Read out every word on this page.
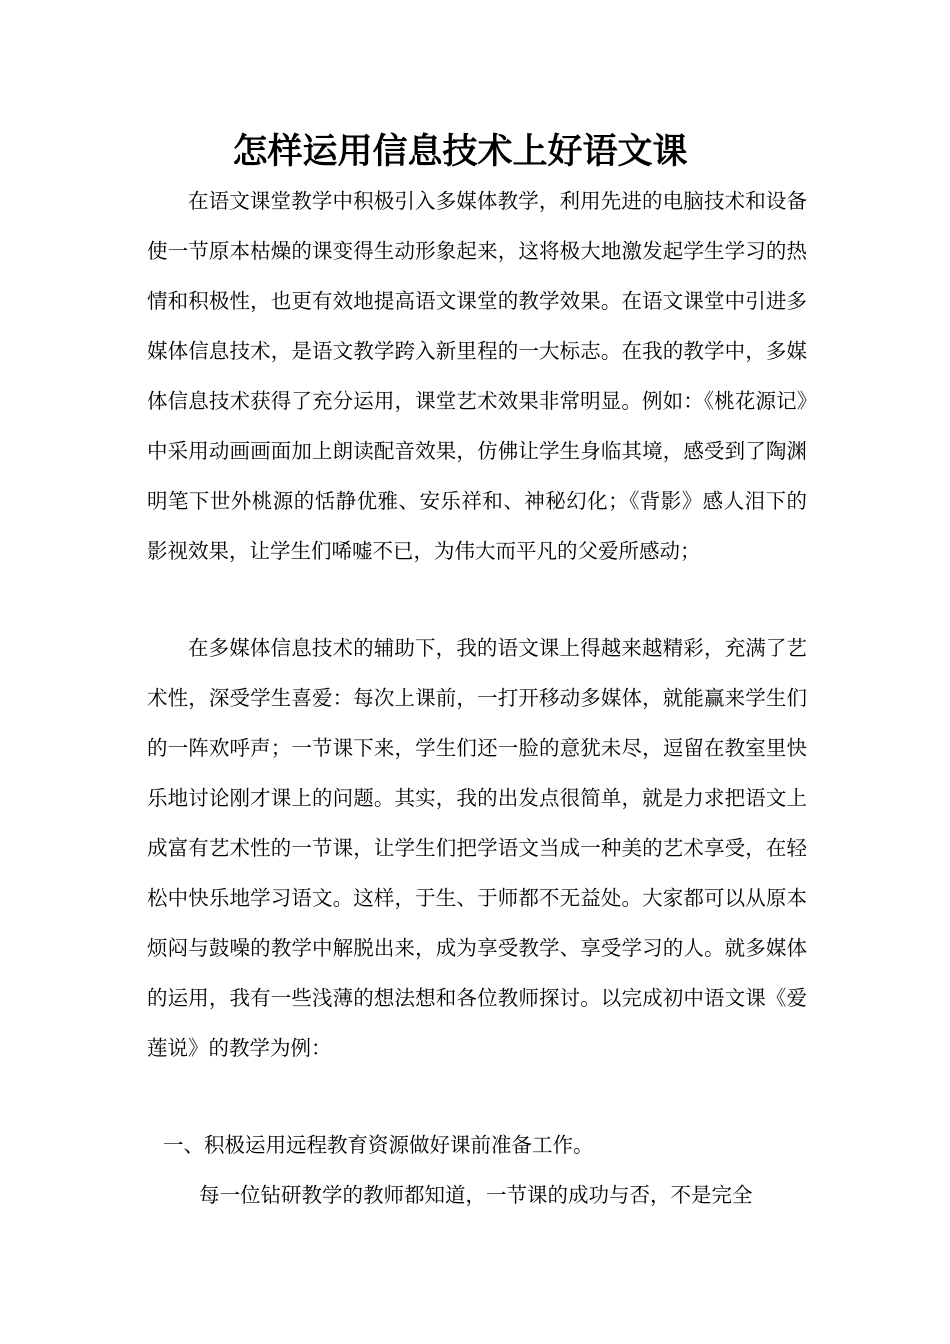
怎样运用信息技术上好语文课

在语文课堂教学中积极引入多媒体教学，利用先进的电脑技术和设备使一节原本枯燥的课变得生动形象起来，这将极大地激发起学生学习的热情和积极性，也更有效地提高语文课堂的教学效果。在语文课堂中引进多媒体信息技术，是语文教学跨入新里程的一大标志。在我的教学中，多媒体信息技术获得了充分运用，课堂艺术效果非常明显。例如：《桃花源记》中采用动画画面加上朗读配音效果，仿佛让学生身临其境，感受到了陶渊明笔下世外桃源的恬静优雅、安乐祥和、神秘幻化；《背影》感人泪下的影视效果，让学生们唏嘘不已，为伟大而平凡的父爱所感动；

在多媒体信息技术的辅助下，我的语文课上得越来越精彩，充满了艺术性，深受学生喜爱：每次上课前，一打开移动多媒体，就能赢来学生们的一阵欢呼声；一节课下来，学生们还一脸的意犹未尽，逗留在教室里快乐地讨论刚才课上的问题。其实，我的出发点很简单，就是力求把语文上成富有艺术性的一节课，让学生们把学语文当成一种美的艺术享受，在轻松中快乐地学习语文。这样，于生、于师都不无益处。大家都可以从原本烦闷与鼓噪的教学中解脱出来，成为享受教学、享受学习的人。就多媒体的运用，我有一些浅薄的想法想和各位教师探讨。以完成初中语文课《爱莲说》的教学为例：

一、积极运用远程教育资源做好课前准备工作。

每一位钻研教学的教师都知道，一节课的成功与否，不是完全
